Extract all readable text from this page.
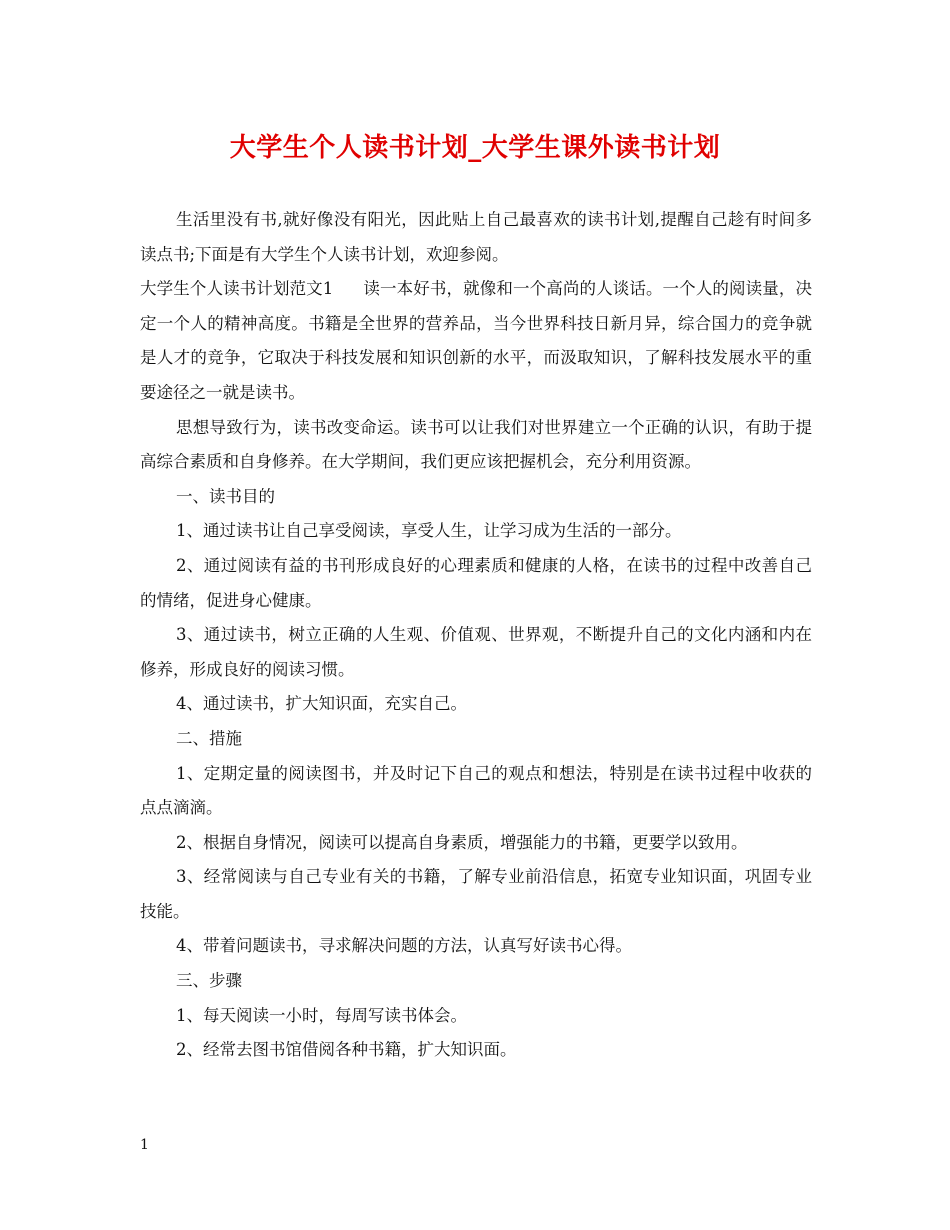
大学生个人读书计划_大学生课外读书计划

生活里没有书,就好像没有阳光，因此贴上自己最喜欢的读书计划,提醒自己趁有时间多读点书;下面是有大学生个人读书计划，欢迎参阅。

大学生个人读书计划范文1 读一本好书，就像和一个高尚的人谈话。一个人的阅读量，决定一个人的精神高度。书籍是全世界的营养品，当今世界科技日新月异，综合国力的竞争就是人才的竞争，它取决于科技发展和知识创新的水平，而汲取知识，了解科技发展水平的重要途径之一就是读书。

思想导致行为，读书改变命运。读书可以让我们对世界建立一个正确的认识，有助于提高综合素质和自身修养。在大学期间，我们更应该把握机会，充分利用资源。

一、读书目的

1、通过读书让自己享受阅读，享受人生，让学习成为生活的一部分。

2、通过阅读有益的书刊形成良好的心理素质和健康的人格，在读书的过程中改善自己的情绪，促进身心健康。

3、通过读书，树立正确的人生观、价值观、世界观，不断提升自己的文化内涵和内在修养，形成良好的阅读习惯。

4、通过读书，扩大知识面，充实自己。

二、措施

1、定期定量的阅读图书，并及时记下自己的观点和想法，特别是在读书过程中收获的点点滴滴。

2、根据自身情况，阅读可以提高自身素质，增强能力的书籍，更要学以致用。

3、经常阅读与自己专业有关的书籍，了解专业前沿信息，拓宽专业知识面，巩固专业技能。

4、带着问题读书，寻求解决问题的方法，认真写好读书心得。

三、步骤

1、每天阅读一小时，每周写读书体会。

2、经常去图书馆借阅各种书籍，扩大知识面。

1
